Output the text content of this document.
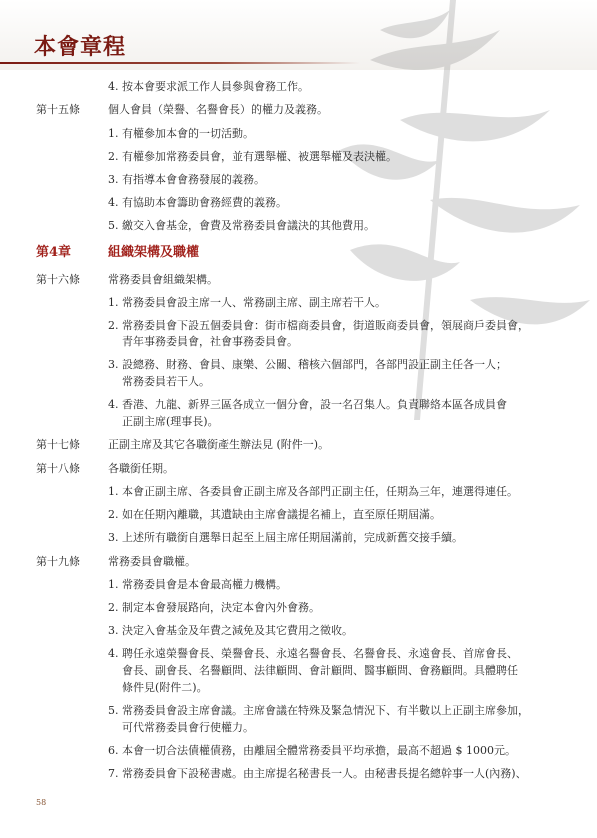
本會章程
4. 按本會要求派工作人員參與會務工作。
第十五條	個人會員（榮譽、名譽會長）的權力及義務。
1. 有權參加本會的一切活動。
2. 有權參加常務委員會，並有選舉權、被選舉權及表決權。
3. 有指導本會會務發展的義務。
4. 有協助本會籌助會務經費的義務。
5. 繳交入會基金，會費及常務委員會議決的其他費用。
第4章	組織架構及職權
第十六條	常務委員會組織架構。
1. 常務委員會設主席一人、常務副主席、副主席若干人。
2. 常務委員會下設五個委員會：街市檔商委員會，街道販商委員會，領展商戶委員會，
青年事務委員會，社會事務委員會。
3. 設總務、財務、會員、康樂、公關、稽核六個部門，各部門設正副主任各一人；
常務委員若干人。
4. 香港、九龍、新界三區各成立一個分會，設一名召集人。負責聯絡本區各成員會
正副主席(理事長)。
第十七條	正副主席及其它各職銜產生辦法見 (附件一)。
第十八條	各職銜任期。
1. 本會正副主席、各委員會正副主席及各部門正副主任，任期為三年，連選得連任。
2. 如在任期內離職，其遺缺由主席會議提名補上，直至原任期屆滿。
3. 上述所有職銜自選舉日起至上屆主席任期屆滿前，完成新舊交接手續。
第十九條	常務委員會職權。
1. 常務委員會是本會最高權力機構。
2. 制定本會發展路向，決定本會內外會務。
3. 決定入會基金及年費之減免及其它費用之徵收。
4. 聘任永遠榮譽會長、榮譽會長、永遠名譽會長、名譽會長、永遠會長、首席會長、
會長、副會長、名譽顧問、法律顧問、會計顧問、醫事顧問、會務顧問。具體聘任
條件見(附件二)。
5. 常務委員會設主席會議。主席會議在特殊及緊急情況下、有半數以上正副主席參加，
可代常務委員會行使權力。
6. 本會一切合法債權債務，由離屆全體常務委員平均承擔，最高不超過 $ 1000元。
7. 常務委員會下設秘書處。由主席提名秘書長一人。由秘書長提名總幹事一人(內務)、
58
